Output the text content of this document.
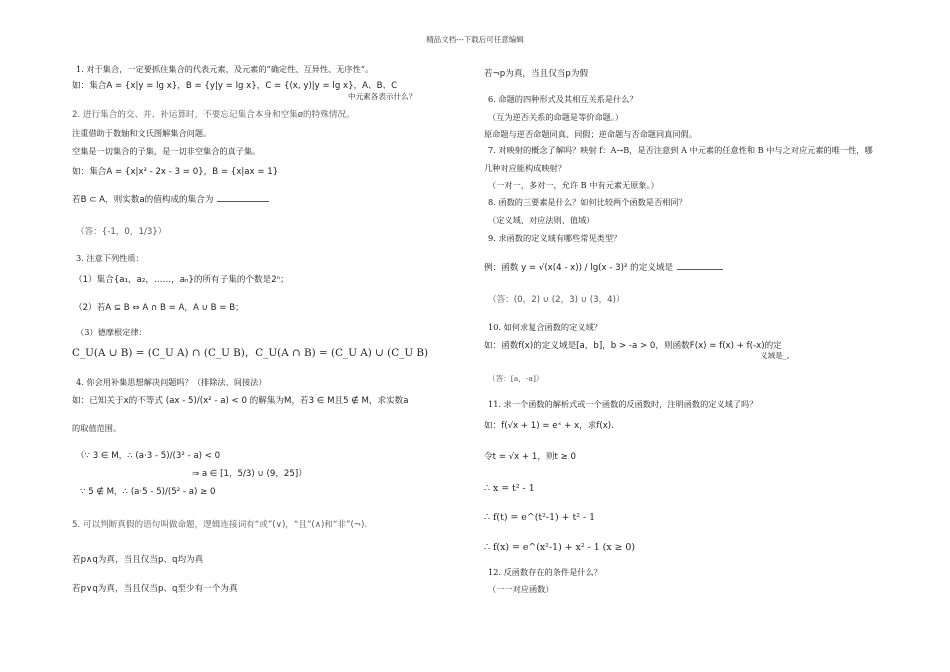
精品文档---下载后可任意编辑
1. 对于集合，一定要抓住集合的代表元素，及元素的“确定性、互异性、无序性”。
如：集合A = {x|y = lg x}，B = {y|y = lg x}，C = {(x, y)|y = lg x}，A、B、C
中元素各表示什么？
2. 进行集合的交、并、补运算时，不要忘记集合本身和空集ø的特殊情况。
注重借助于数轴和文氏图解集合问题。
空集是一切集合的子集，是一切非空集合的真子集。
如：集合A = {x|x² - 2x - 3 = 0}，B = {x|ax = 1}
若B ⊂ A，则实数a的值构成的集合为
（答：{-1，0，1/3}）
3. 注意下列性质：
（1）集合{a₁，a₂，……，aₙ}的所有子集的个数是2ⁿ；
（2）若A ⊆ B ⇔ A ∩ B = A，A ∪ B = B；
（3）德摩根定律：
C_U(A ∪ B) = (C_U A) ∩ (C_U B)，C_U(A ∩ B) = (C_U A) ∪ (C_U B)
4. 你会用补集思想解决问题吗？（排除法、间接法）
如：已知关于x的不等式 (ax - 5)/(x² - a) < 0 的解集为M，若3 ∈ M且5 ∉ M，求实数a
的取值范围。
（∵ 3 ∈ M，∴ (a·3 - 5)/(3² - a) < 0
⇒ a ∈ [1，5/3) ∪ (9，25]）
∵ 5 ∉ M，∴ (a·5 - 5)/(5² - a) ≥ 0
5. 可以判断真假的语句叫做命题，逻辑连接词有“或”(∨)，“且”(∧)和“非”(¬).
若p∧q为真，当且仅当p、q均为真
若p∨q为真，当且仅当p、q至少有一个为真
若¬p为真，当且仅当p为假
6. 命题的四种形式及其相互关系是什么？
（互为逆否关系的命题是等价命题。）
原命题与逆否命题同真、同假；逆命题与否命题同真同假。
7. 对映射的概念了解吗？映射 f：A→B，是否注意到 A 中元素的任意性和 B 中与之对应元素的唯一性，哪
几种对应能构成映射？
（一对一，多对一，允许 B 中有元素无原象。）
8. 函数的三要素是什么？如何比较两个函数是否相同？
（定义域、对应法则、值域）
9. 求函数的定义域有哪些常见类型？
例：函数 y = √(x(4 - x)) / lg(x - 3)² 的定义域是
（答：(0，2) ∪ (2，3) ∪ (3，4)）
10. 如何求复合函数的定义域？
如：函数f(x)的定义域是[a，b]，b > -a > 0，则函数F(x) = f(x) + f(-x)的定
义域是_。
（答：[a，-a]）
11. 求一个函数的解析式或一个函数的反函数时，注明函数的定义域了吗？
如：f(√x + 1) = eˣ + x，求f(x).
令t = √x + 1，则t ≥ 0
∴ x = t² - 1
∴ f(t) = e^(t²-1) + t² - 1
∴ f(x) = e^(x²-1) + x² - 1 (x ≥ 0)
12. 反函数存在的条件是什么？
（一一对应函数）
